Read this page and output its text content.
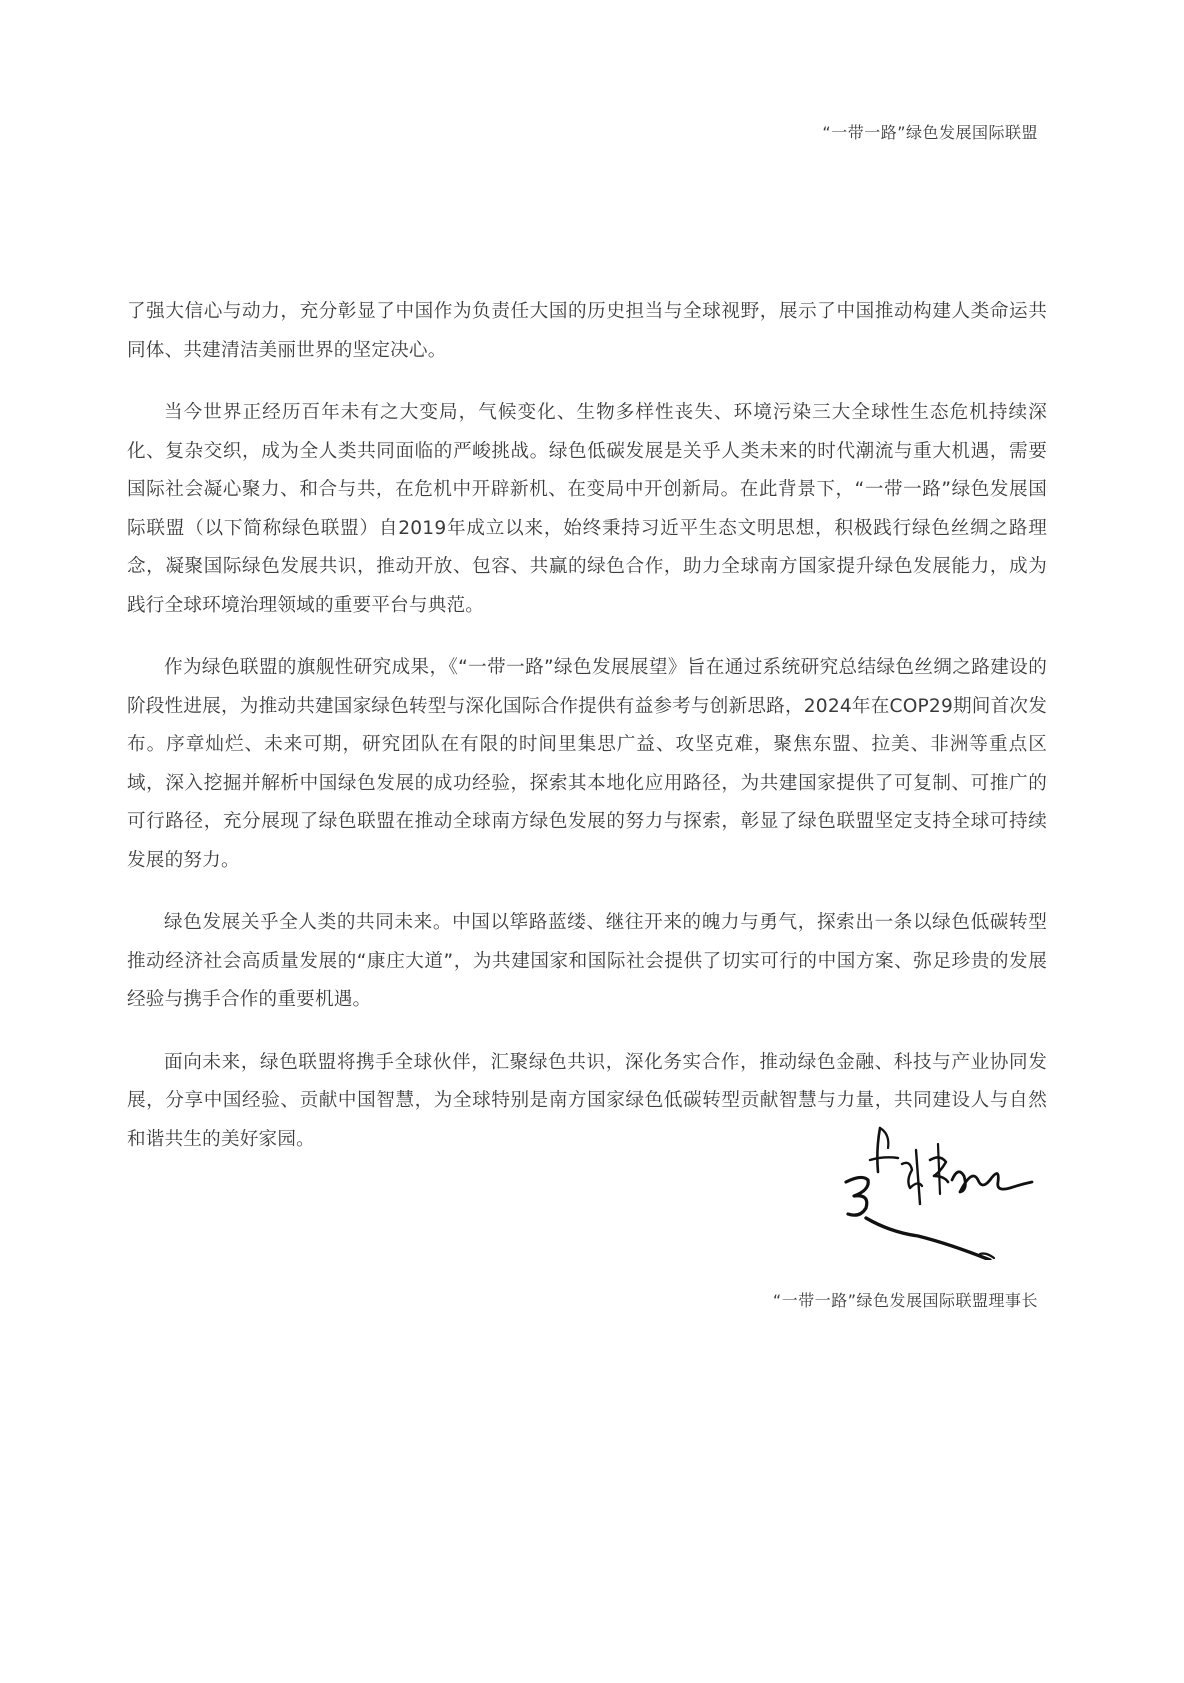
“一带一路”绿色发展国际联盟

了强大信心与动力，充分彰显了中国作为负责任大国的历史担当与全球视野，展示了中国推动构建人类命运共同体、共建清洁美丽世界的坚定决心。

当今世界正经历百年未有之大变局，气候变化、生物多样性丧失、环境污染三大全球性生态危机持续深化、复杂交织，成为全人类共同面临的严峻挑战。绿色低碳发展是关乎人类未来的时代潮流与重大机遇，需要国际社会凝心聚力、和合与共，在危机中开辟新机、在变局中开创新局。在此背景下，“一带一路”绿色发展国际联盟（以下简称绿色联盟）自2019年成立以来，始终秉持习近平生态文明思想，积极践行绿色丝绸之路理念，凝聚国际绿色发展共识，推动开放、包容、共赢的绿色合作，助力全球南方国家提升绿色发展能力，成为践行全球环境治理领域的重要平台与典范。

作为绿色联盟的旗舰性研究成果，《“一带一路”绿色发展展望》旨在通过系统研究总结绿色丝绸之路建设的阶段性进展，为推动共建国家绿色转型与深化国际合作提供有益参考与创新思路，2024年在COP29期间首次发布。序章灿烂、未来可期，研究团队在有限的时间里集思广益、攻坚克难，聚焦东盟、拉美、非洲等重点区域，深入挖掘并解析中国绿色发展的成功经验，探索其本地化应用路径，为共建国家提供了可复制、可推广的可行路径，充分展现了绿色联盟在推动全球南方绿色发展的努力与探索，彰显了绿色联盟坚定支持全球可持续发展的努力。

绿色发展关乎全人类的共同未来。中国以筚路蓝缕、继往开来的魄力与勇气，探索出一条以绿色低碳转型推动经济社会高质量发展的“康庄大道”，为共建国家和国际社会提供了切实可行的中国方案、弥足珍贵的发展经验与携手合作的重要机遇。

面向未来，绿色联盟将携手全球伙伴，汇聚绿色共识，深化务实合作，推动绿色金融、科技与产业协同发展，分享中国经验、贡献中国智慧，为全球特别是南方国家绿色低碳转型贡献智慧与力量，共同建设人与自然和谐共生的美好家园。

“一带一路”绿色发展国际联盟理事长
